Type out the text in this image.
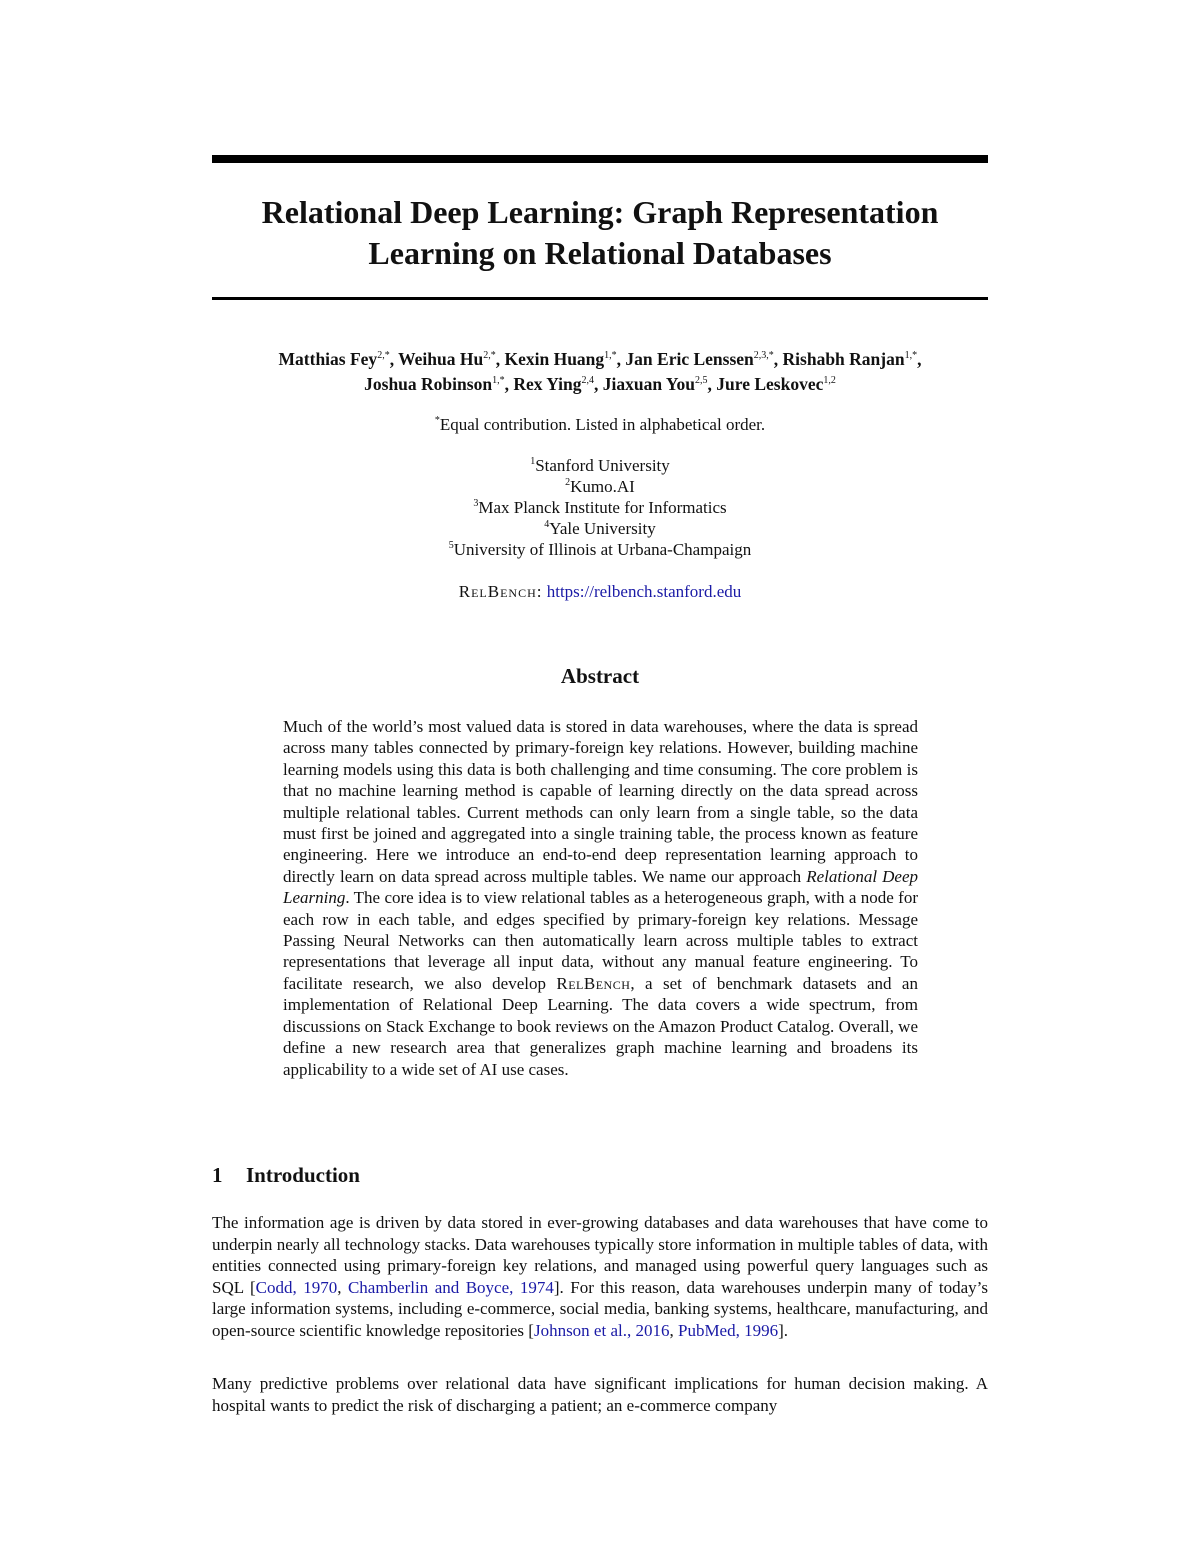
Relational Deep Learning: Graph Representation
Learning on Relational Databases
Matthias Fey$^{2,*}$, Weihua $Hu^{2,*}$, Kexin Huang$^{1,*}$, Jan Eric Lenssen$^{2,3,*}$, Rishabh Ranjan$^{1,*}$,
Joshua Robinson$^{1,*}$, Rex Ying$^{2,4}$, Jiaxuan You$^{2,5}$, Jure Leskovec$^{1,2}$
*Equal contribution. Listed in alphabetical order.
$^1$Stanford University
$^2$Kumo.AI
$^3$Max Planck Institute for Informatics
$^4$Yale University
$^5$University of Illinois at Urbana-Champaign
RelBench: https://relbench.stanford.edu
Abstract
Much of the world’s most valued data is stored in data warehouses, where the data is spread across many tables connected by primary-foreign key relations. However, building machine learning models using this data is both challenging and time consuming. The core problem is that no machine learning method is capable of learning directly on the data spread across multiple relational tables. Current methods can only learn from a single table, so the data must first be joined and aggregated into a single training table, the process known as feature engineering. Here we introduce an end-to-end deep representation learning approach to directly learn on data spread across multiple tables. We name our approach Relational Deep Learning. The core idea is to view relational tables as a heterogeneous graph, with a node for each row in each table, and edges specified by primary-foreign key relations. Message Passing Neural Networks can then automatically learn across multiple tables to extract representations that leverage all input data, without any manual feature engineering. To facilitate research, we also develop RelBench, a set of benchmark datasets and an implementation of Relational Deep Learning. The data covers a wide spectrum, from discussions on Stack Exchange to book reviews on the Amazon Product Catalog. Overall, we define a new research area that generalizes graph machine learning and broadens its applicability to a wide set of AI use cases.
1 Introduction
The information age is driven by data stored in ever-growing databases and data warehouses that have come to underpin nearly all technology stacks. Data warehouses typically store information in multiple tables of data, with entities connected using primary-foreign key relations, and managed using powerful query languages such as SQL [Codd, 1970, Chamberlin and Boyce, 1974]. For this reason, data warehouses underpin many of today’s large information systems, including e-commerce, social media, banking systems, healthcare, manufacturing, and open-source scientific knowledge repositories [Johnson et al., 2016, PubMed, 1996].
Many predictive problems over relational data have significant implications for human decision making. A hospital wants to predict the risk of discharging a patient; an e-commerce company
